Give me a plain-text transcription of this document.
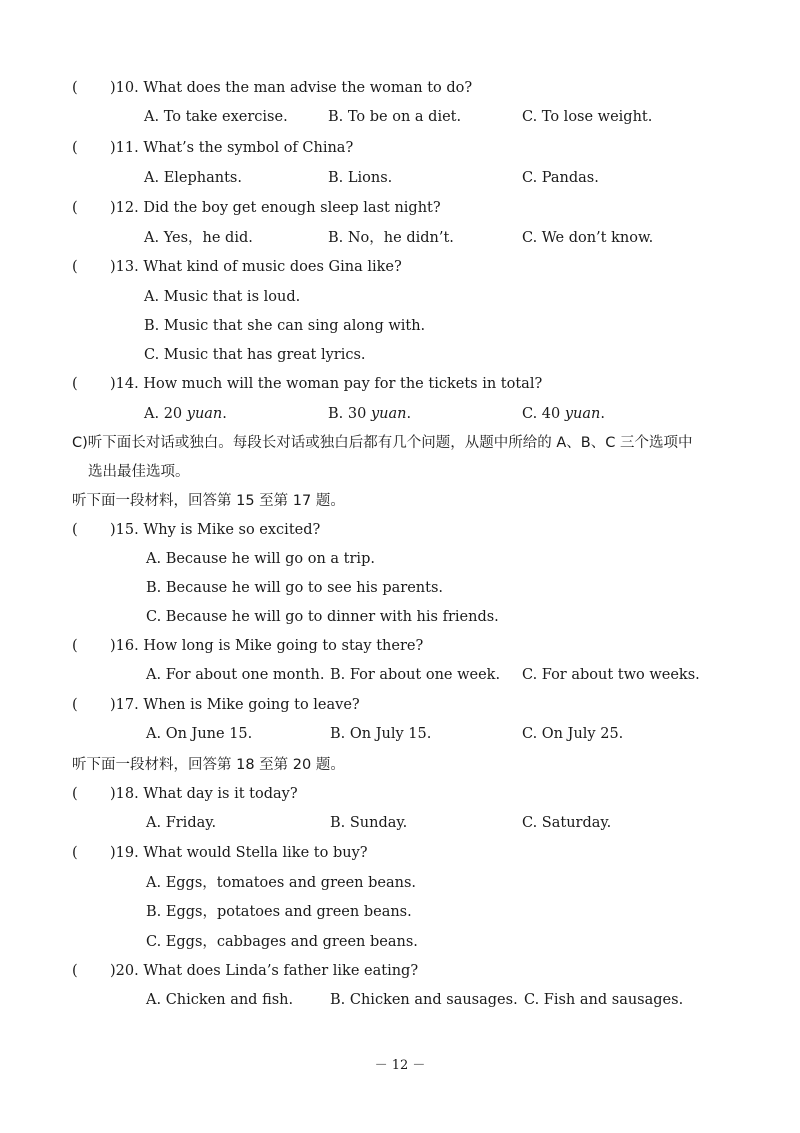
( )10. What does the man advise the woman to do?
A. To take exercise.	B. To be on a diet.	C. To lose weight.
( )11. What’s the symbol of China?
A. Elephants.	B. Lions.	C. Pandas.
( )12. Did the boy get enough sleep last night?
A. Yes，he did.	B. No，he didn’t.	C. We don’t know.
( )13. What kind of music does Gina like?
A. Music that is loud.
B. Music that she can sing along with.
C. Music that has great lyrics.
( )14. How much will the woman pay for the tickets in total?
A. 20 yuan.	B. 30 yuan.	C. 40 yuan.
C)听下面长对话或独白。每段长对话或独白后都有几个问题，从题中所给的 A、B、C 三个选项中
选出最佳选项。
听下面一段材料，回答第 15 至第 17 题。
( )15. Why is Mike so excited?
A. Because he will go on a trip.
B. Because he will go to see his parents.
C. Because he will go to dinner with his friends.
( )16. How long is Mike going to stay there?
A. For about one month. B. For about one week. C. For about two weeks.
( )17. When is Mike going to leave?
A. On June 15.	B. On July 15.	C. On July 25.
听下面一段材料，回答第 18 至第 20 题。
( )18. What day is it today?
A. Friday.	B. Sunday.	C. Saturday.
( )19. What would Stella like to buy?
A. Eggs，tomatoes and green beans.
B. Eggs，potatoes and green beans.
C. Eggs，cabbages and green beans.
( )20. What does Linda’s father like eating?
A. Chicken and fish.	B. Chicken and sausages. C. Fish and sausages.
－ 12 －
